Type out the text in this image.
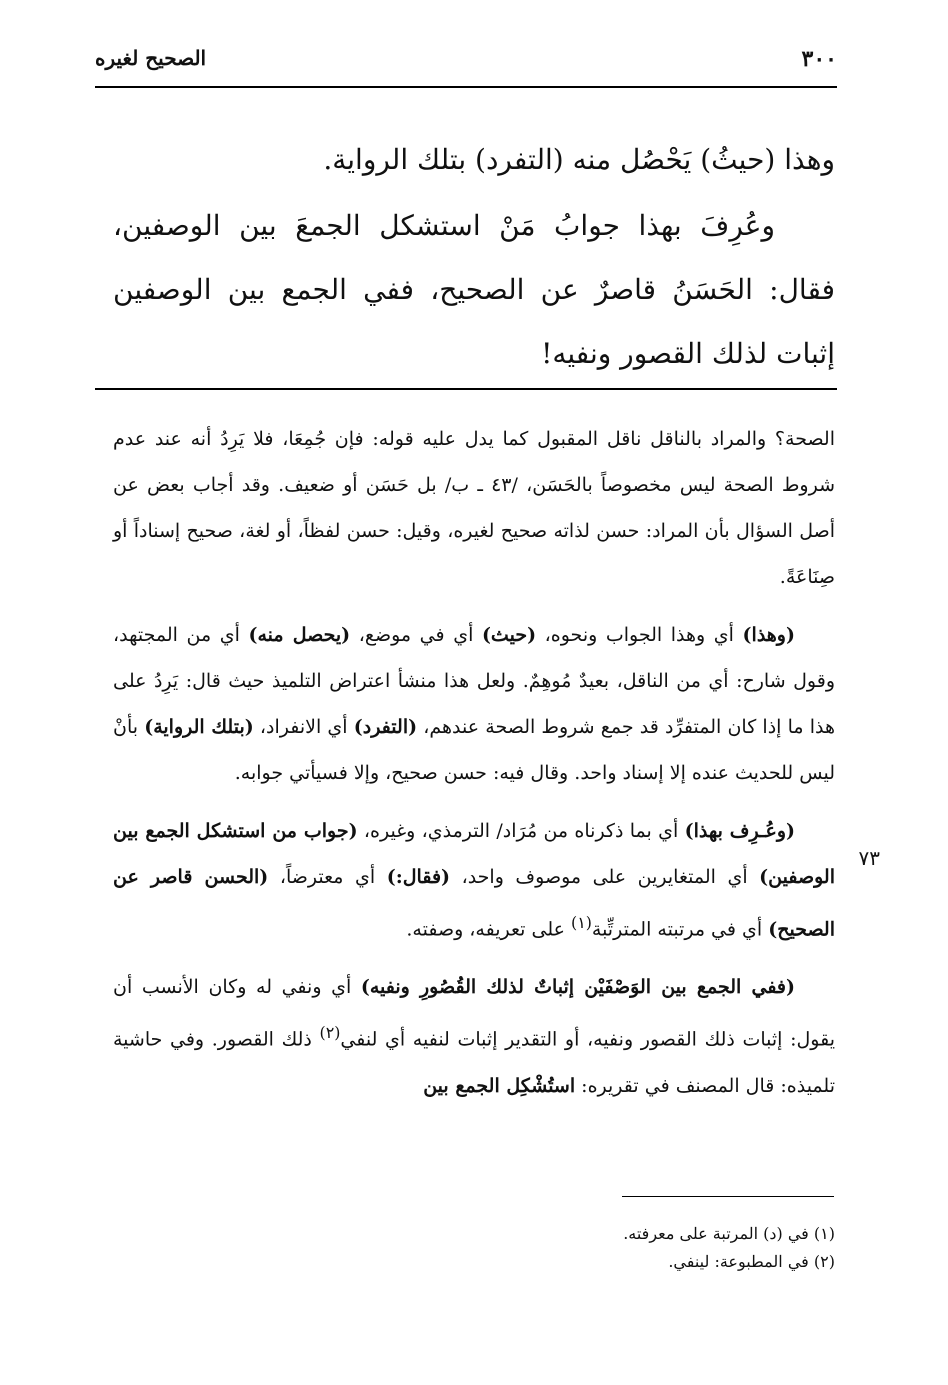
٣٠٠
الصحيح لغيره

وهذا (حيثُ) يَحْصُل منه (التفرد) بتلك الرواية.

وعُرِفَ بهذا جوابُ مَنْ استشكل الجمعَ بين الوصفين، فقال: الحَسَنُ قاصرٌ عن الصحيح، ففي الجمع بين الوصفين إثبات لذلك القصور ونفيه!

الصحة؟ والمراد بالناقل ناقل المقبول كما يدل عليه قوله: فإن جُمِعَا، فلا يَرِدُ أنه عند عدم شروط الصحة ليس مخصوصاً بالحَسَن، /٤٣ ـ ب/ بل حَسَن أو ضعيف. وقد أجاب بعض عن أصل السؤال بأن المراد: حسن لذاته صحيح لغيره، وقيل: حسن لفظاً، أو لغة، صحيح إسناداً أو صِنَاعَةً.

(وهذا) أي وهذا الجواب ونحوه، (حيث) أي في موضع، (يحصل منه) أي من المجتهد، وقول شارح: أي من الناقل، بعيدٌ مُوهِمٌ. ولعل هذا منشأ اعتراض التلميذ حيث قال: يَرِدُ على هذا ما إذا كان المتفرِّد قد جمع شروط الصحة عندهم، (التفرد) أي الانفراد، (بتلك الرواية) بأنْ ليس للحديث عنده إلا إسناد واحد. وقال فيه: حسن صحيح، وإلا فسيأتي جوابه.

(وعُـرِف بهذا) أي بما ذكرناه من مُرَاد/ الترمذي، وغيره، (جواب من استشكل الجمع بين الوصفين) أي المتغايرين على موصوف واحد، (فقال:) أي معترضاً، (الحسن قاصر عن الصحيح) أي في مرتبته المترتِّبة$^{(١)}$ على تعريفه، وصفته.

(ففي الجمع بين الوَصْفَيْن إثباتٌ لذلك القُصُورِ ونفيه) أي ونفي له وكان الأنسب أن يقول: إثبات ذلك القصور ونفيه، أو التقدير إثبات لنفيه أي لنفي$^{(٢)}$ ذلك القصور. وفي حاشية تلميذه: قال المصنف في تقريره: استُشْكِل الجمع بين

٧٣
(١) في (د) المرتبة على معرفته.
(٢) في المطبوعة: لينفي.
